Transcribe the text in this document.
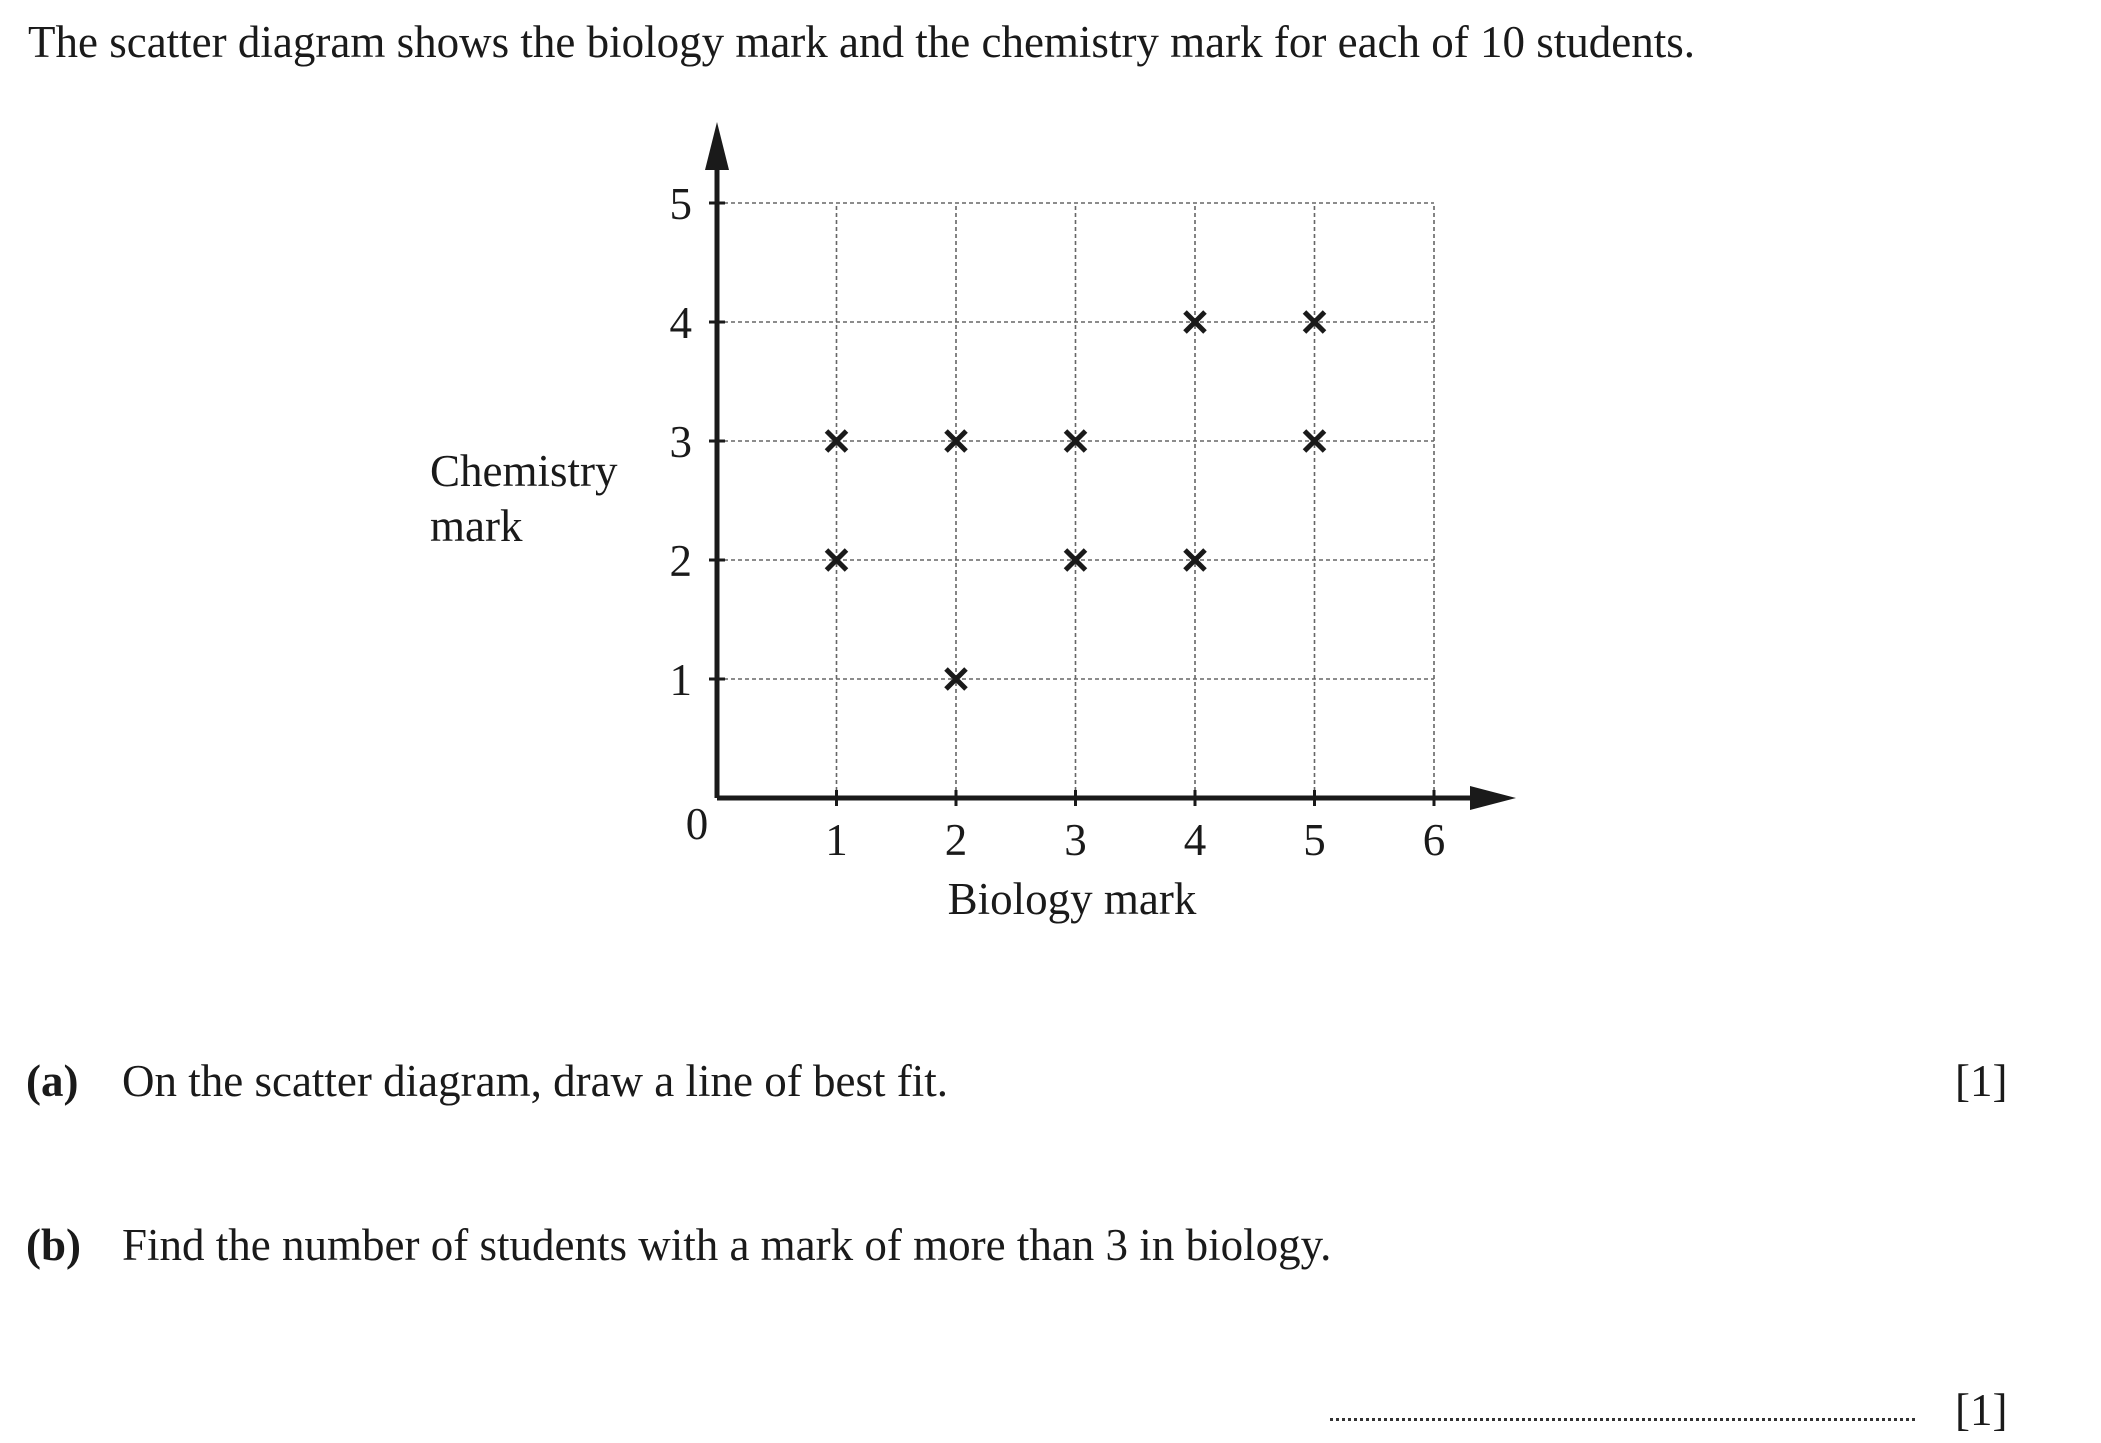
The scatter diagram shows the biology mark and the chemistry mark for each of 10 students.
1 2 3 4 5 6
1
2
3
4
5
Chemistry
mark
Biology mark
0
(a) On the scatter diagram, draw a line of best fit.	[1]
(b) Find the number of students with a mark of more than 3 in biology.
[1]
